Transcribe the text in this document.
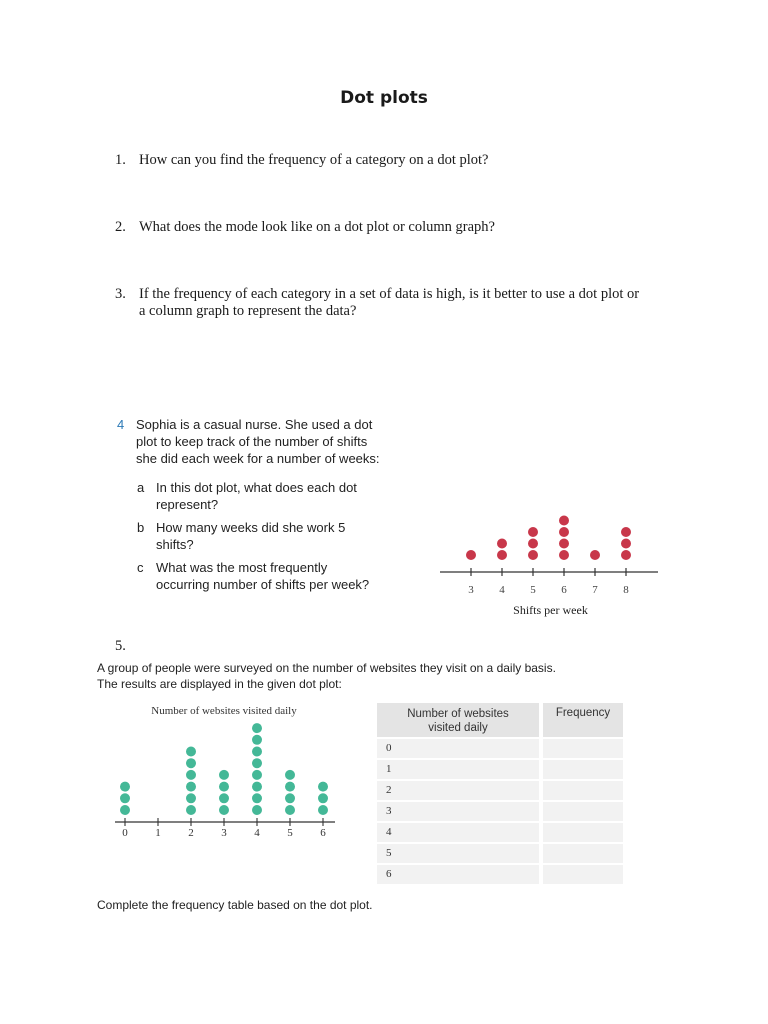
Dot plots
1. How can you find the frequency of a category on a dot plot?
2. What does the mode look like on a dot plot or column graph?
3. If the frequency of each category in a set of data is high, is it better to use a dot plot or
a column graph to represent the data?
4 Sophia is a casual nurse. She used a dot
plot to keep track of the number of shifts
she did each week for a number of weeks:
a In this dot plot, what does each dot
represent?
b How many weeks did she work 5
shifts?
c What was the most frequently
occurring number of shifts per week?	3 4 5 6 7 8
Shifts per week
5.
A group of people were surveyed on the number of websites they visit on a daily basis.
The results are displayed in the given dot plot:
Number of websites visited daily
0	1	2	3	4	5	6
Number of websites
visited daily
Frequency
0
1
2
3
4
5
6
Complete the frequency table based on the dot plot.
